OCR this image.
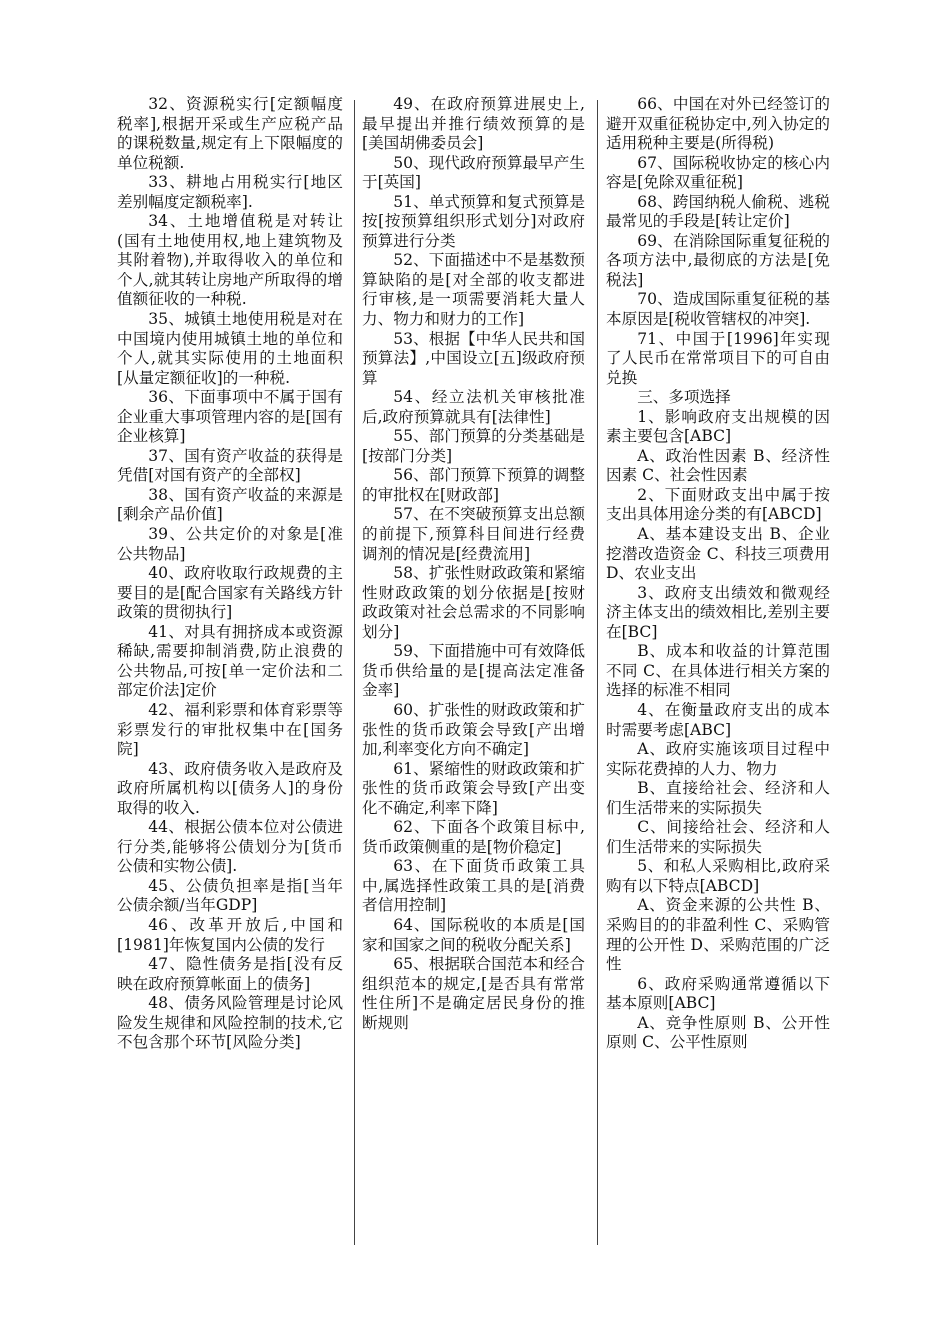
32、资源税实行[定额幅度税率],根据开采或生产应税产品的课税数量,规定有上下限幅度的单位税额.

33、耕地占用税实行[地区差别幅度定额税率].

34、土地增值税是对转让(国有土地使用权,地上建筑物及其附着物),并取得收入的单位和个人,就其转让房地产所取得的增值额征收的一种税.

35、城镇土地使用税是对在中国境内使用城镇土地的单位和个人,就其实际使用的土地面积[从量定额征收]的一种税.

36、下面事项中不属于国有企业重大事项管理内容的是[国有企业核算]

37、国有资产收益的获得是凭借[对国有资产的全部权]

38、国有资产收益的来源是[剩余产品价值]

39、公共定价的对象是[准公共物品]

40、政府收取行政规费的主要目的是[配合国家有关路线方针政策的贯彻执行]

41、对具有拥挤成本或资源稀缺,需要抑制消费,防止浪费的公共物品,可按[单一定价法和二部定价法]定价

42、福利彩票和体育彩票等彩票发行的审批权集中在[国务院]

43、政府债务收入是政府及政府所属机构以[债务人]的身份取得的收入.

44、根据公债本位对公债进行分类,能够将公债划分为[货币公债和实物公债].

45、公债负担率是指[当年公债余额/当年GDP]

46、改革开放后,中国和[1981]年恢复国内公债的发行

47、隐性债务是指[没有反映在政府预算帐面上的债务]

48、债务风险管理是讨论风险发生规律和风险控制的技术,它不包含那个环节[风险分类]

49、在政府预算进展史上,最早提出并推行绩效预算的是[美国胡佛委员会]

50、现代政府预算最早产生于[英国]

51、单式预算和复式预算是按[按预算组织形式划分]对政府预算进行分类

52、下面描述中不是基数预算缺陷的是[对全部的收支都进行审核,是一项需要消耗大量人力、物力和财力的工作]

53、根据【中华人民共和国预算法】,中国设立[五]级政府预算

54、经立法机关审核批准后,政府预算就具有[法律性]

55、部门预算的分类基础是[按部门分类]

56、部门预算下预算的调整的审批权在[财政部]

57、在不突破预算支出总额的前提下,预算科目间进行经费调剂的情况是[经费流用]

58、扩张性财政政策和紧缩性财政政策的划分依据是[按财政政策对社会总需求的不同影响划分]

59、下面措施中可有效降低货币供给量的是[提高法定准备金率]

60、扩张性的财政政策和扩张性的货币政策会导致[产出增加,利率变化方向不确定]

61、紧缩性的财政政策和扩张性的货币政策会导致[产出变化不确定,利率下降]

62、下面各个政策目标中,货币政策侧重的是[物价稳定]

63、在下面货币政策工具中,属选择性政策工具的是[消费者信用控制]

64、国际税收的本质是[国家和国家之间的税收分配关系]

65、根据联合国范本和经合组织范本的规定,[是否具有常常性住所]不是确定居民身份的推断规则

66、中国在对外已经签订的避开双重征税协定中,列入协定的适用税种主要是(所得税)

67、国际税收协定的核心内容是[免除双重征税]

68、跨国纳税人偷税、逃税最常见的手段是[转让定价]

69、在消除国际重复征税的各项方法中,最彻底的方法是[免税法]

70、造成国际重复征税的基本原因是[税收管辖权的冲突].

71、中国于[1996]年实现了人民币在常常项目下的可自由兑换

三、多项选择

1、影响政府支出规模的因素主要包含[ABC]

A、政治性因素 B、经济性因素 C、社会性因素

2、下面财政支出中属于按支出具体用途分类的有[ABCD]

A、基本建设支出 B、企业挖潜改造资金 C、科技三项费用 D、农业支出

3、政府支出绩效和微观经济主体支出的绩效相比,差别主要在[BC]

B、成本和收益的计算范围不同 C、在具体进行相关方案的选择的标准不相同

4、在衡量政府支出的成本时需要考虑[ABC]

A、政府实施该项目过程中实际花费掉的人力、物力

B、直接给社会、经济和人们生活带来的实际损失

C、间接给社会、经济和人们生活带来的实际损失

5、和私人采购相比,政府采购有以下特点[ABCD]

A、资金来源的公共性 B、采购目的的非盈利性 C、采购管理的公开性 D、采购范围的广泛性

6、政府采购通常遵循以下基本原则[ABC]

A、竞争性原则 B、公开性原则 C、公平性原则
